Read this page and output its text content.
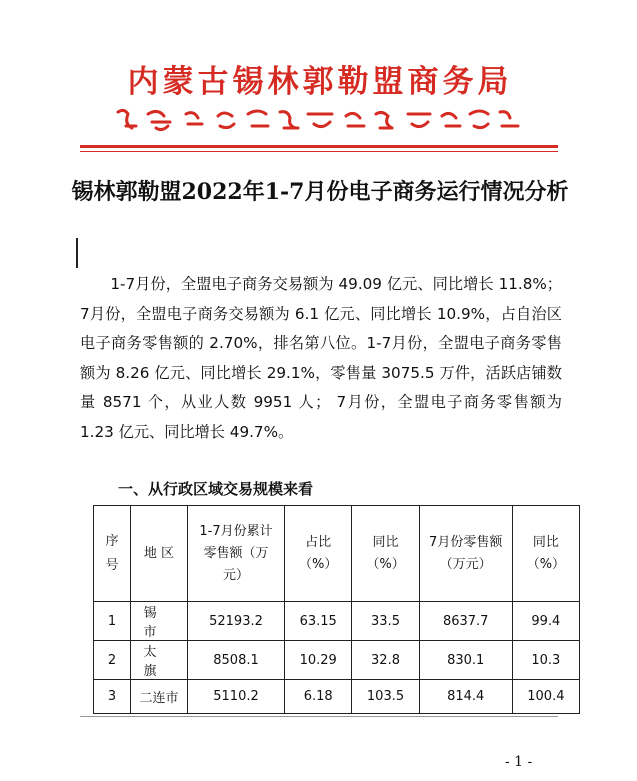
内蒙古锡林郭勒盟商务局
锡林郭勒盟2022年1-7月份电子商务运行情况分析
1-7月份，全盟电子商务交易额为 49.09 亿元、同比增长 11.8%；7月份，全盟电子商务交易额为 6.1 亿元、同比增长 10.9%，占自治区电子商务零售额的 2.70%，排名第八位。1-7月份，全盟电子商务零售额为 8.26 亿元、同比增长 29.1%，零售量 3075.5 万件，活跃店铺数量 8571 个，从业人数 9951 人； 7月份，全盟电子商务零售额为 1.23 亿元、同比增长 49.7%。
一、从行政区域交易规模来看
序号	地 区	1-7月份累计零售额（万元）	占比（%）	同比（%）	7月份零售额（万元）	同比（%）

1	锡市	52193.2	63.15	33.5	8637.7	99.4
2	太旗	8508.1	10.29	32.8	830.1	10.3
3	二连市	5110.2	6.18	103.5	814.4	100.4
- 1 -
